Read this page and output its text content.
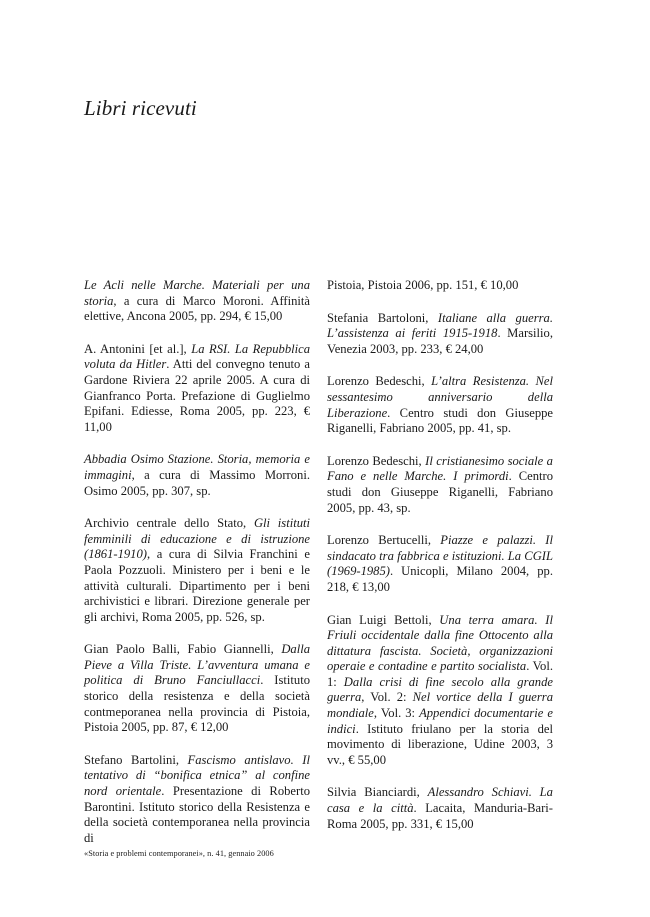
Libri ricevuti

Le Acli nelle Marche. Materiali per una storia, a cura di Marco Moroni. Affinità elettive, Ancona 2005, pp. 294, € 15,00

A. Antonini [et al.], La RSI. La Repubblica voluta da Hitler. Atti del convegno tenuto a Gardone Riviera 22 aprile 2005. A cura di Gianfranco Porta. Prefazione di Guglielmo Epifani. Ediesse, Roma 2005, pp. 223, € 11,00

Abbadia Osimo Stazione. Storia, memoria e immagini, a cura di Massimo Morroni. Osimo 2005, pp. 307, sp.

Archivio centrale dello Stato, Gli istituti femminili di educazione e di istruzione (1861-1910), a cura di Silvia Franchini e Paola Pozzuoli. Ministero per i beni e le attività culturali. Dipartimento per i beni archivistici e librari. Direzione generale per gli archivi, Roma 2005, pp. 526, sp.

Gian Paolo Balli, Fabio Giannelli, Dalla Pieve a Villa Triste. L’avventura umana e politica di Bruno Fanciullacci. Istituto storico della resistenza e della società contmeporanea nella provincia di Pistoia, Pistoia 2005, pp. 87, € 12,00

Stefano Bartolini, Fascismo antislavo. Il tentativo di “bonifica etnica” al confine nord orientale. Presentazione di Roberto Barontini. Istituto storico della Resistenza e della società contemporanea nella provincia di

Pistoia, Pistoia 2006, pp. 151, € 10,00

Stefania Bartoloni, Italiane alla guerra. L’assistenza ai feriti 1915-1918. Marsilio, Venezia 2003, pp. 233, € 24,00

Lorenzo Bedeschi, L’altra Resistenza. Nel sessantesimo anniversario della Liberazione. Centro studi don Giuseppe Riganelli, Fabriano 2005, pp. 41, sp.

Lorenzo Bedeschi, Il cristianesimo sociale a Fano e nelle Marche. I primordi. Centro studi don Giuseppe Riganelli, Fabriano 2005, pp. 43, sp.

Lorenzo Bertucelli, Piazze e palazzi. Il sindacato tra fabbrica e istituzioni. La CGIL (1969-1985). Unicopli, Milano 2004, pp. 218, € 13,00

Gian Luigi Bettoli, Una terra amara. Il Friuli occidentale dalla fine Ottocento alla dittatura fascista. Società, organizzazioni operaie e contadine e partito socialista. Vol. 1: Dalla crisi di fine secolo alla grande guerra, Vol. 2: Nel vortice della I guerra mondiale, Vol. 3: Appendici documentarie e indici. Istituto friulano per la storia del movimento di liberazione, Udine 2003, 3 vv., € 55,00

Silvia Bianciardi, Alessandro Schiavi. La casa e la città. Lacaita, Manduria-Bari-Roma 2005, pp. 331, € 15,00

«Storia e problemi contemporanei», n. 41, gennaio 2006
